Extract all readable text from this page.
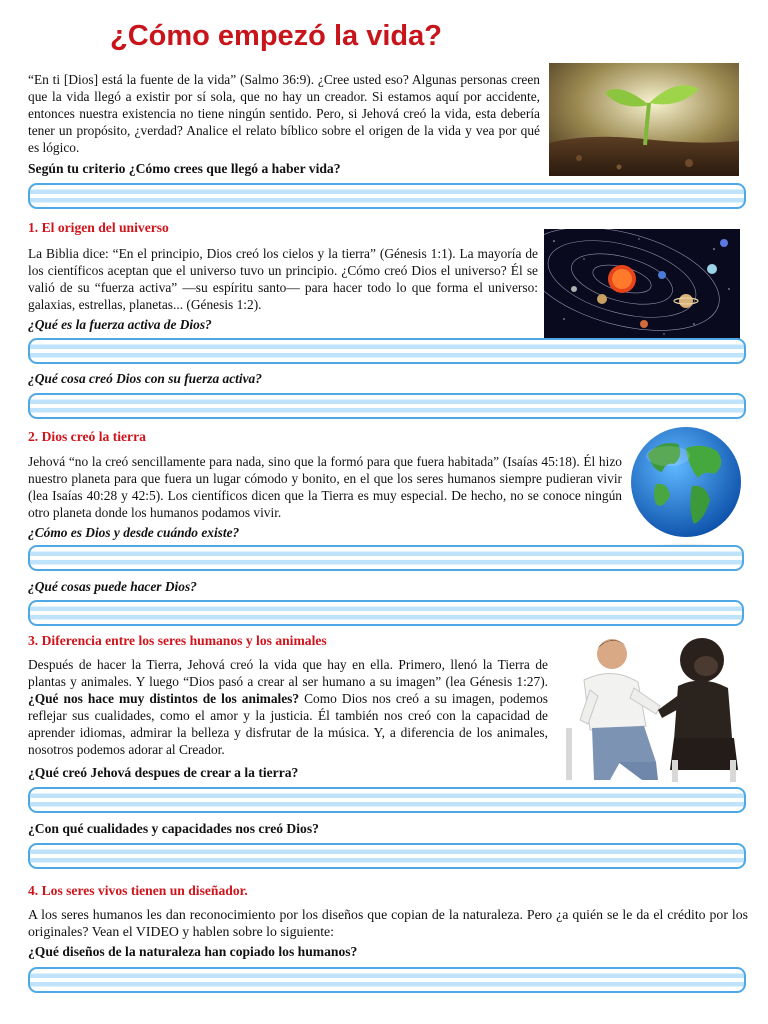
¿Cómo empezó la vida?

“En ti [Dios] está la fuente de la vida” (Salmo 36:9). ¿Cree usted eso? Algunas personas creen que la vida llegó a existir por sí sola, que no hay un creador. Si estamos aquí por accidente, entonces nuestra existencia no tiene ningún sentido. Pero, si Jehová creó la vida, esta debería tener un propósito, ¿verdad? Analice el relato bíblico sobre el origen de la vida y vea por qué es lógico.

Según tu criterio ¿Cómo crees que llegó a haber vida?
1. El origen del universo

La Biblia dice: “En el principio, Dios creó los cielos y la tierra” (Génesis 1:1). La mayoría de los científicos aceptan que el universo tuvo un principio. ¿Cómo creó Dios el universo? Él se valió de su “fuerza activa” —su espíritu santo— para hacer todo lo que forma el universo: galaxias, estrellas, planetas... (Génesis 1:2).

¿Qué es la fuerza activa de Dios?
¿Qué cosa creó Dios con su fuerza activa?
2. Dios creó la tierra

Jehová “no la creó sencillamente para nada, sino que la formó para que fuera habitada” (Isaías 45:18). Él hizo nuestro planeta para que fuera un lugar cómodo y bonito, en el que los seres humanos siempre pudieran vivir (lea Isaías 40:28 y 42:5). Los científicos dicen que la Tierra es muy especial. De hecho, no se conoce ningún otro planeta donde los humanos podamos vivir.

¿Cómo es Dios y desde cuándo existe?
¿Qué cosas puede hacer Dios?
3. Diferencia entre los seres humanos y los animales

Después de hacer la Tierra, Jehová creó la vida que hay en ella. Primero, llenó la Tierra de plantas y animales. Y luego “Dios pasó a crear al ser humano a su imagen” (lea Génesis 1:27). ¿Qué nos hace muy distintos de los animales? Como Dios nos creó a su imagen, podemos reflejar sus cualidades, como el amor y la justicia. Él también nos creó con la capacidad de aprender idiomas, admirar la belleza y disfrutar de la música. Y, a diferencia de los animales, nosotros podemos adorar al Creador.

¿Qué creó Jehová despues de crear a la tierra?
¿Con qué cualidades y capacidades nos creó Dios?
4. Los seres vivos tienen un diseñador.

A los seres humanos les dan reconocimiento por los diseños que copian de la naturaleza. Pero ¿a quién se le da el crédito por los originales? Vean el VIDEO y hablen sobre lo siguiente:

¿Qué diseños de la naturaleza han copiado los humanos?
